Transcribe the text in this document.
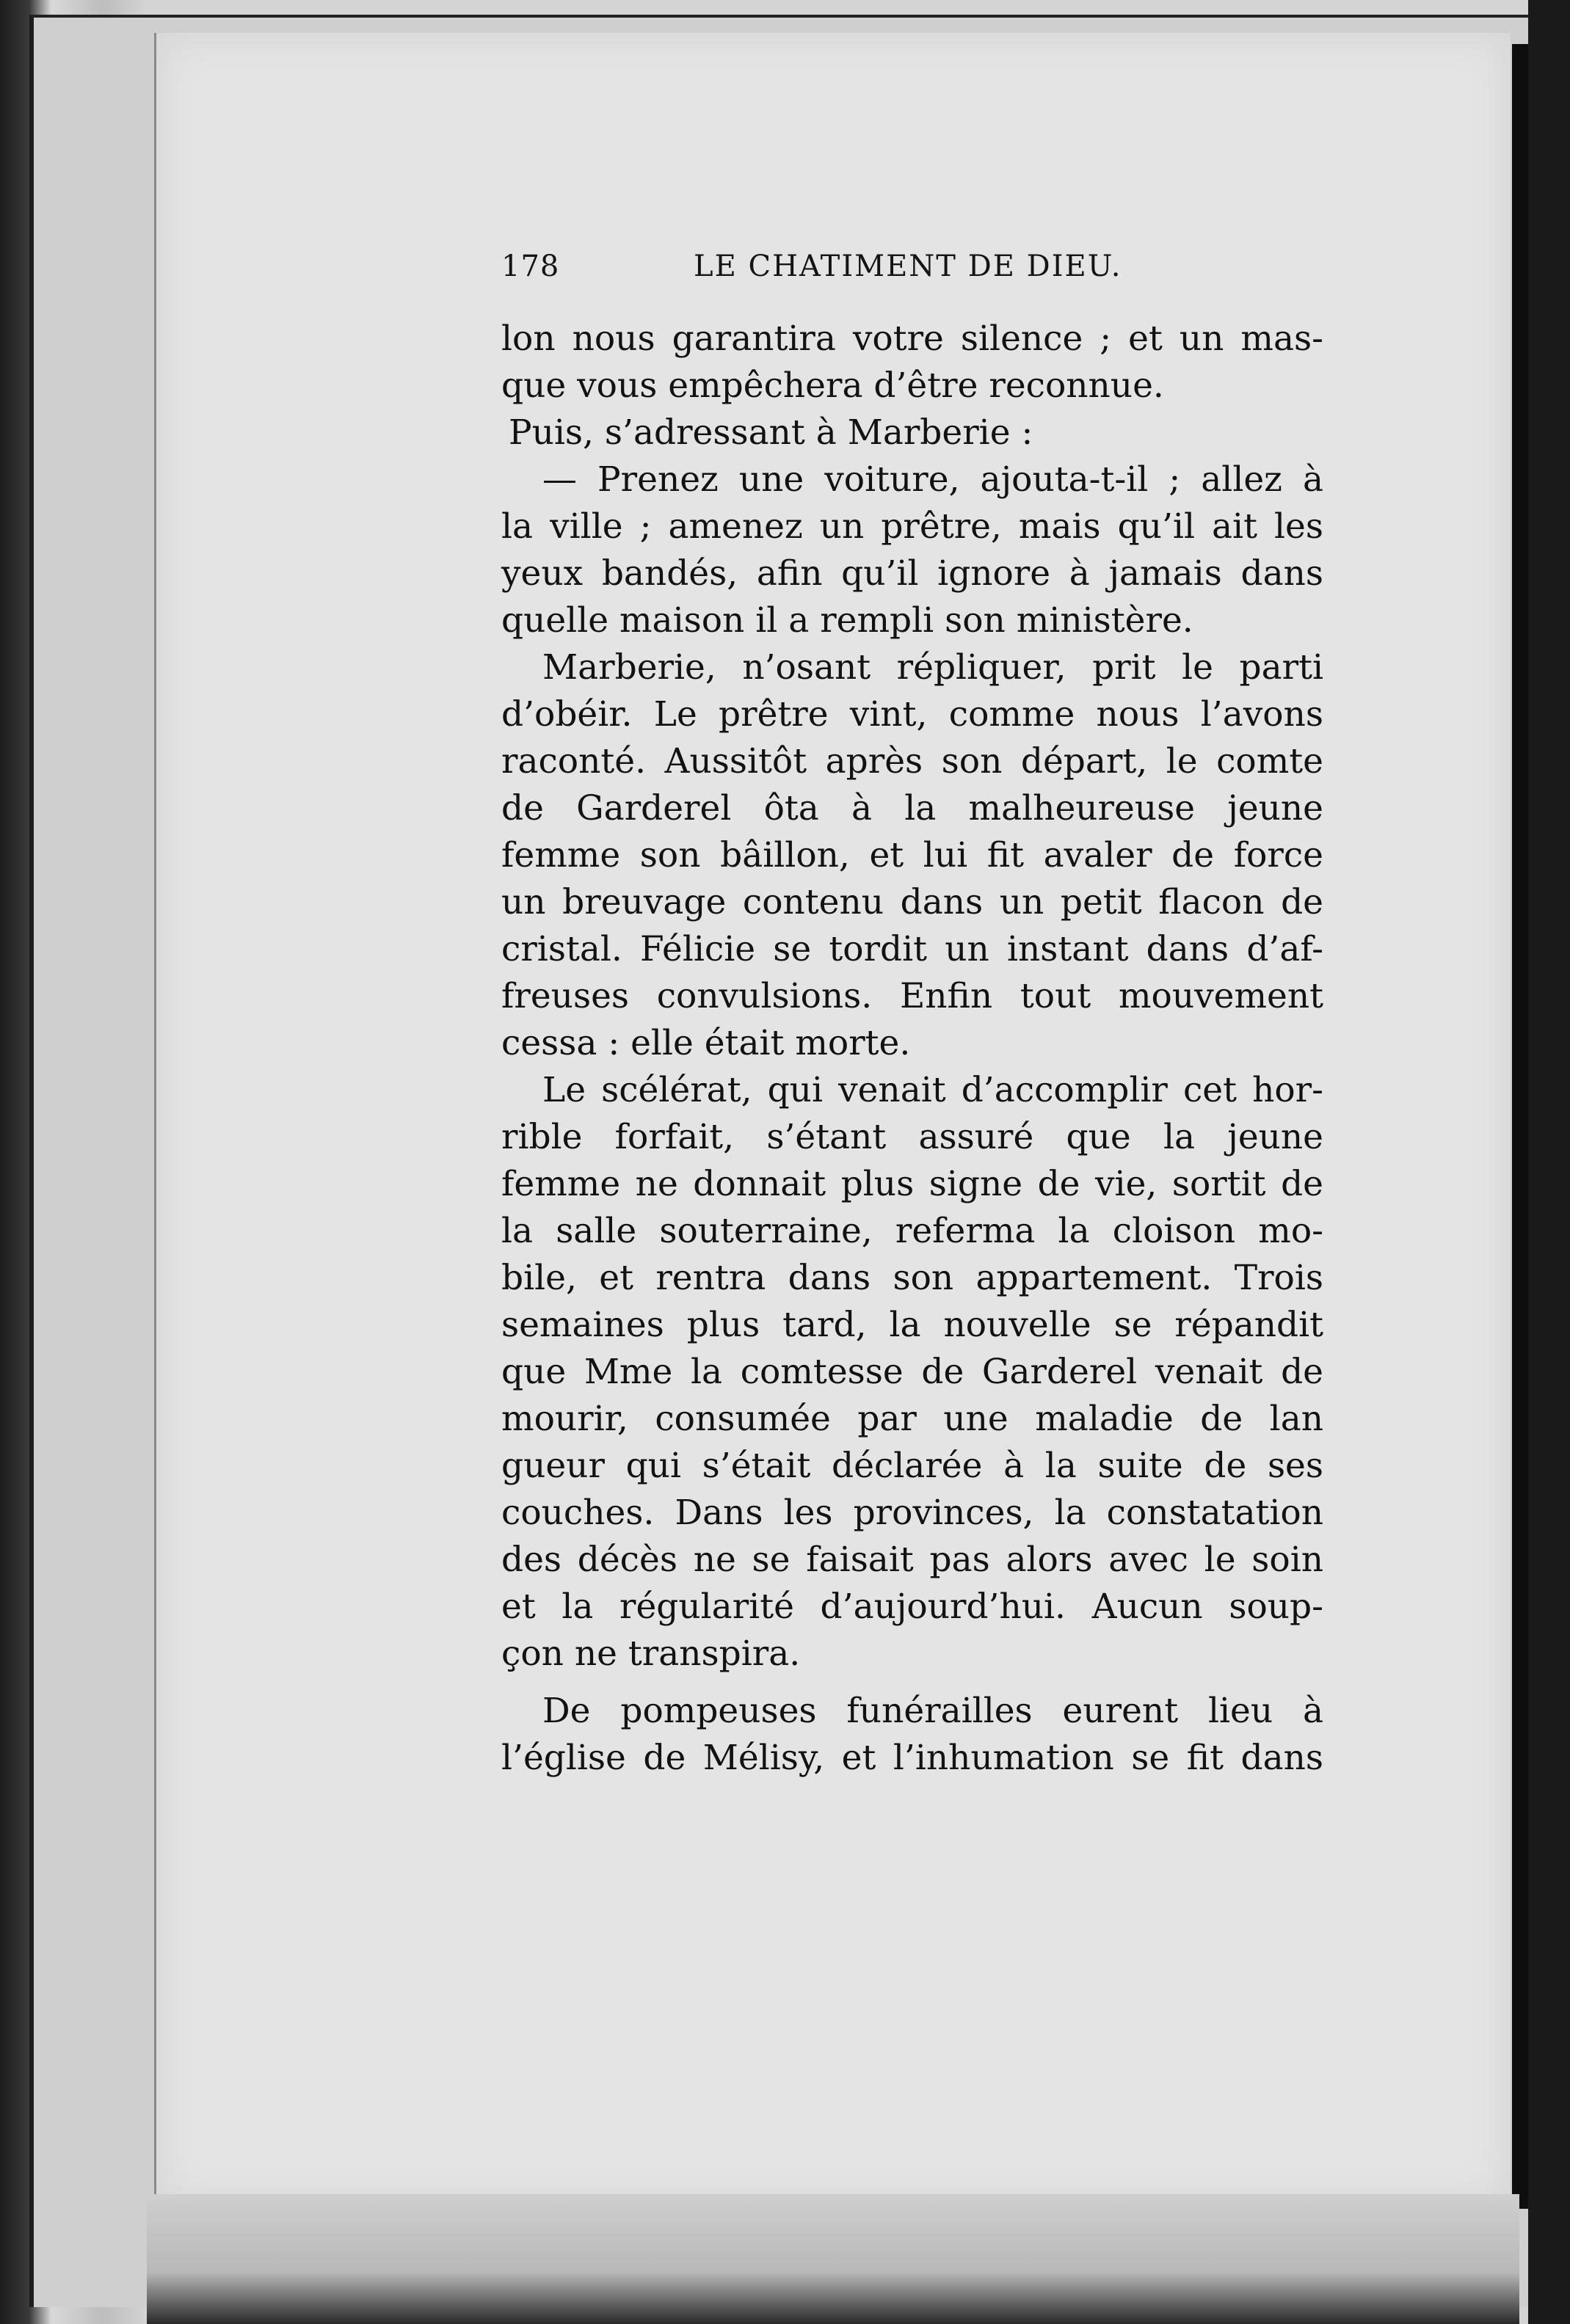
178	LE CHATIMENT DE DIEU.
lon nous garantira votre silence ; et un mas-
que vous empêchera d’être reconnue.
Puis, s’adressant à Marberie :
— Prenez une voiture, ajouta-t-il ; allez à
la ville ; amenez un prêtre, mais qu’il ait les
yeux bandés, afin qu’il ignore à jamais dans
quelle maison il a rempli son ministère.
Marberie, n’osant répliquer, prit le parti
d’obéir. Le prêtre vint, comme nous l’avons
raconté. Aussitôt après son départ, le comte
de Garderel ôta à la malheureuse jeune
femme son bâillon, et lui fit avaler de force
un breuvage contenu dans un petit flacon de
cristal. Félicie se tordit un instant dans d’af-
freuses convulsions. Enfin tout mouvement
cessa : elle était morte.
Le scélérat, qui venait d’accomplir cet hor-
rible forfait, s’étant assuré que la jeune
femme ne donnait plus signe de vie, sortit de
la salle souterraine, referma la cloison mo-
bile, et rentra dans son appartement. Trois
semaines plus tard, la nouvelle se répandit
que Mme la comtesse de Garderel venait de
mourir, consumée par une maladie de lan
gueur qui s’était déclarée à la suite de ses
couches. Dans les provinces, la constatation
des décès ne se faisait pas alors avec le soin
et la régularité d’aujourd’hui. Aucun soup-
çon ne transpira.
De pompeuses funérailles eurent lieu à
l’église de Mélisy, et l’inhumation se fit dans
